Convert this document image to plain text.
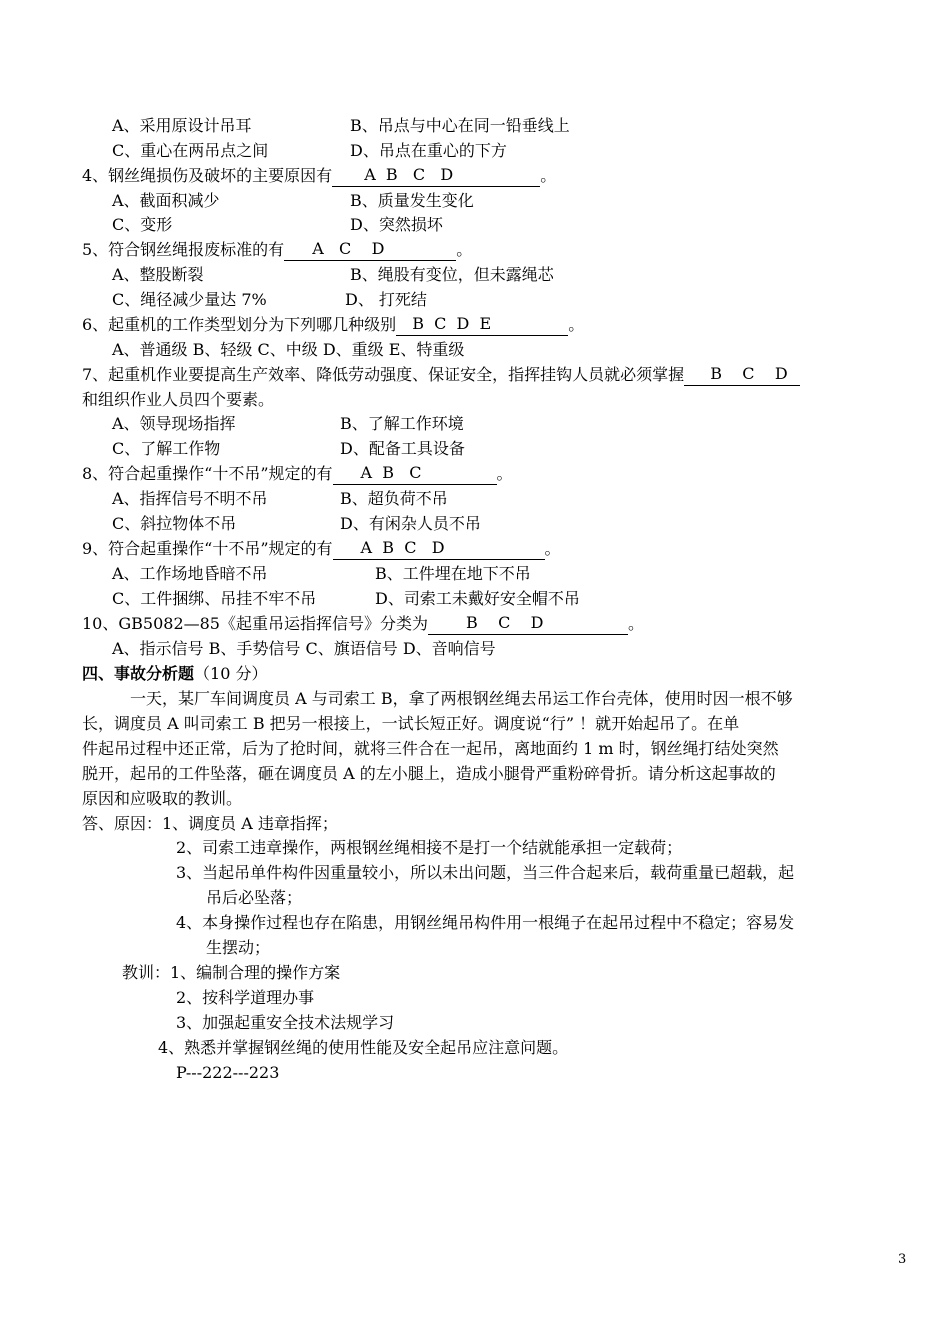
A、采用原设计吊耳	B、吊点与中心在同一铅垂线上
C、重心在两吊点之间	D、吊点在重心的下方
4、钢丝绳损伤及破坏的主要原因有 A  B   C   D	。
A、截面积减少	B、质量发生变化
C、变形	D、突然损坏
5、符合钢丝绳报废标准的有 A   C    D	。
A、整股断裂	B、绳股有变位，但未露绳芯
C、绳径减少量达 7%	D、 打死结
6、起重机的工作类型划分为下列哪几种级别 B  C  D  E	。
A、普通级 B、轻级 C、中级 D、重级 E、特重级
7、起重机作业要提高生产效率、降低劳动强度、保证安全，指挥挂钩人员就必须掌握 B    C    D
和组织作业人员四个要素。
A、领导现场指挥	B、了解工作环境
C、了解工作物	D、配备工具设备
8、符合起重操作“十不吊”规定的有 A  B   C	。
A、指挥信号不明不吊	B、超负荷不吊
C、斜拉物体不吊	D、有闲杂人员不吊
9、符合起重操作“十不吊”规定的有 A  B  C   D	。
A、工作场地昏暗不吊	B、工件埋在地下不吊
C、工件捆绑、吊挂不牢不吊	D、司索工未戴好安全帽不吊
10、GB5082—85《起重吊运指挥信号》分类为 B    C    D	。
A、指示信号 B、手势信号 C、旗语信号 D、音响信号
四、事故分析题（10 分）
一天，某厂车间调度员 A 与司索工 B，拿了两根钢丝绳去吊运工作台壳体，使用时因一根不够
长，调度员 A 叫司索工 B 把另一根接上，一试长短正好。调度说“行” ！就开始起吊了。在单
件起吊过程中还正常，后为了抢时间，就将三件合在一起吊，离地面约 1 m 时，钢丝绳打结处突然
脱开，起吊的工件坠落，砸在调度员 A 的左小腿上，造成小腿骨严重粉碎骨折。请分析这起事故的
原因和应吸取的教训。
答、原因：1、调度员 A 违章指挥；
2、司索工违章操作，两根钢丝绳相接不是打一个结就能承担一定载荷；
3、当起吊单件构件因重量较小，所以未出问题，当三件合起来后，载荷重量已超载，起
吊后必坠落；
4、本身操作过程也存在陷患，用钢丝绳吊构件用一根绳子在起吊过程中不稳定；容易发
生摆动；
教训：1、编制合理的操作方案
2、按科学道理办事
3、加强起重安全技术法规学习
4、熟悉并掌握钢丝绳的使用性能及安全起吊应注意问题。
P---222---223
3
